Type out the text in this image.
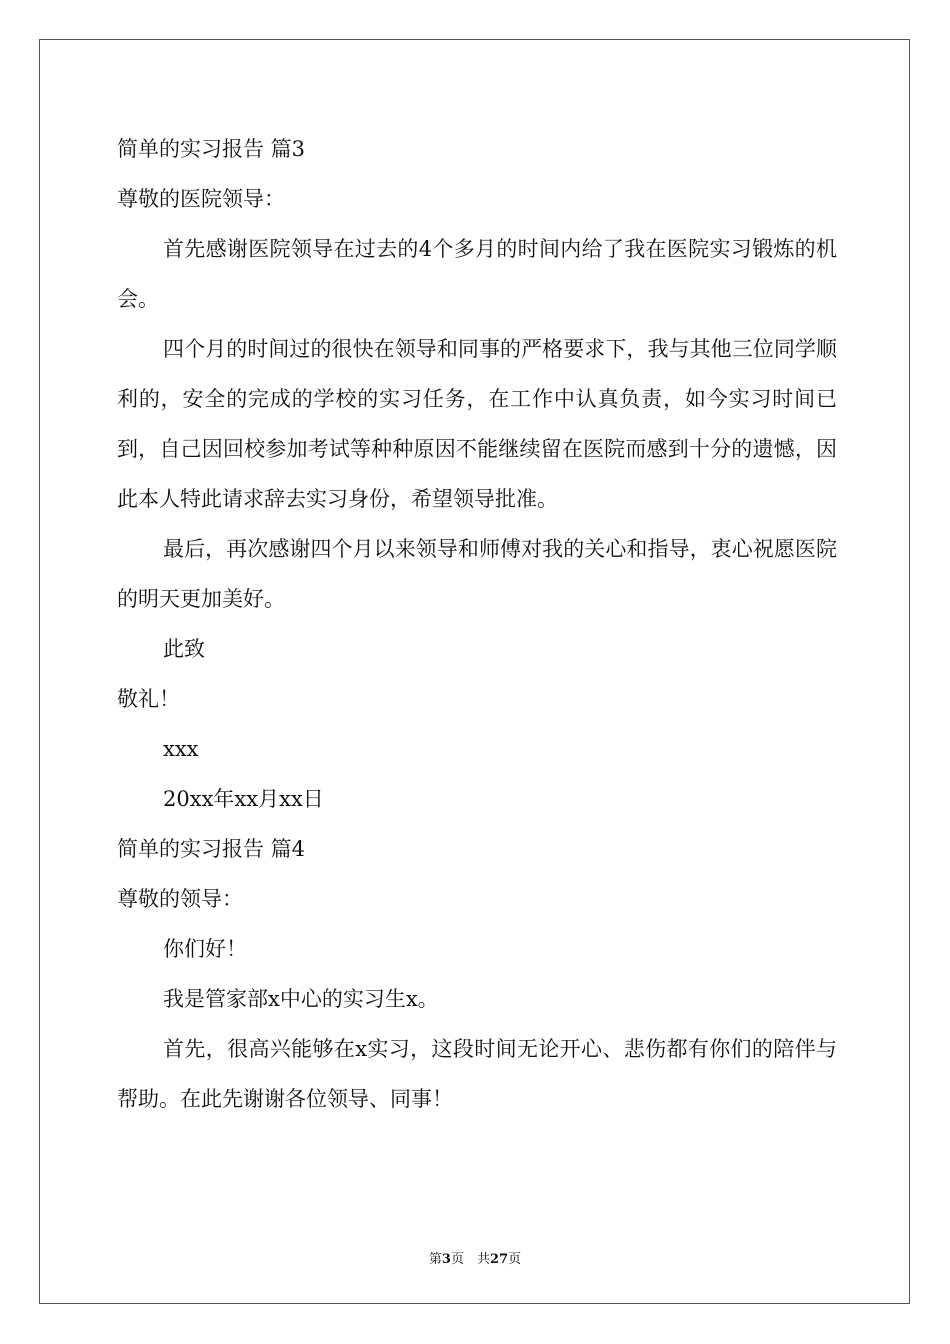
简单的实习报告 篇3

尊敬的医院领导：

首先感谢医院领导在过去的4个多月的时间内给了我在医院实习锻炼的机会。

四个月的时间过的很快在领导和同事的严格要求下，我与其他三位同学顺利的，安全的完成的学校的实习任务，在工作中认真负责，如今实习时间已到，自己因回校参加考试等种种原因不能继续留在医院而感到十分的遗憾，因此本人特此请求辞去实习身份，希望领导批准。

最后，再次感谢四个月以来领导和师傅对我的关心和指导，衷心祝愿医院的明天更加美好。

此致

敬礼！

xxx

20xx年xx月xx日

简单的实习报告 篇4

尊敬的领导：

你们好！

我是管家部x中心的实习生x。

首先，很高兴能够在x实习，这段时间无论开心、悲伤都有你们的陪伴与帮助。在此先谢谢各位领导、同事！

第3页　共27页
